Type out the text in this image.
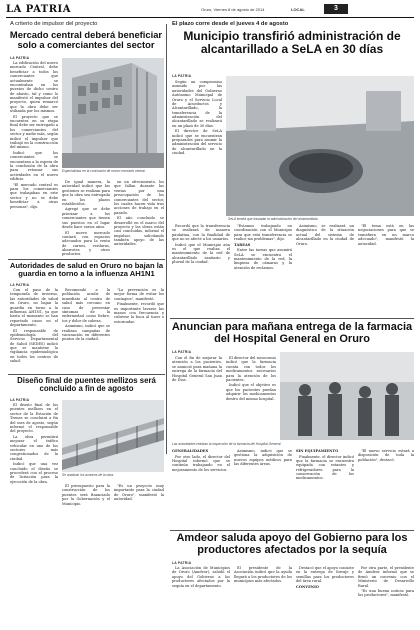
LA PATRIA	Oruro, Viernes 8 de agosto de 2014	LOCAL	3
A criterio de impulsor del proyecto
Mercado central deberá beneficiar solo a comerciantes del sector
LA PATRIA

La edificación del nuevo mercado Central, debe beneficiar a todos los comerciantes que actualmente se encontraban en los puestos de dicho centro de abasto, tal y como lo manifestó el impulsor del proyecto, quien remarcó que la obra debe ser utilizada por los mismos.

El proyecto que se encuentra en su etapa final debe ser entregado a los comerciantes del sector y nadie más, según indicó el impulsor que trabajó en la construcción del mismo.

Indicó que los comerciantes se encuentran a la espera de la conclusión de la obra para retomar sus actividades en el nuevo edificio.

"El mercado central es para los comerciantes que trabajaban en este sector y no se debe beneficiar a otras personas", dijo.

Especialistas en la conclusión de nuevo mercado central.

De igual manera, la autoridad indicó que las gestiones se realizan para que la obra sea entregada en los plazos establecidos.

Agregó que se debe priorizar a los comerciantes que tienen sus puestos en el lugar desde hace varios años.

El nuevo mercado contará con espacios adecuados para la venta de carnes, verduras, abarrotes y otros productos.

en un ofrecimiento, los que fallan durante las ventas por una preocupación de los comerciantes del sector, los cuales hacen vida tras acciones de trabajo en el pasado.

El año concluido se desarrolló en el marco del proyecto y las obras están casi concluidas, informó el impulsor, solicitando también apoyo de las autoridades.

Autoridades de salud en Oruro no bajan la guardia en torno a la influenza AH1N1
LA PATRIA

Con el paso de la temporada de invierno, las autoridades de salud en Oruro, no bajan la guardia en torno a la influenza AH1N1, ya que hasta el momento se han reportado casos en el departamento.

El responsable de epidemiología del Servicio Departamental de Salud (SEDES) indicó que se mantiene la vigilancia epidemiológica en todos los centros de salud.

Recomendó a la población acudir de inmediato al centro de salud más cercano en caso de presentar síntomas de la enfermedad como fiebre, tos y dolor de cabeza.

Asimismo, indicó que se realizan campañas de vacunación en diferentes puntos de la ciudad.

"La prevención es la mejor forma de evitar los contagios", manifestó.

Finalmente, recordó que es importante lavarse las manos con frecuencia y cubrirse la boca al toser o estornudar.

Diseño final de puentes mellizos será concluido a fin de agosto
LA PATRIA

El diseño final de los puentes mellizos en el sector de la Estación de Trenes se concluirá a fin del mes de agosto, según informó el responsable del proyecto.

La obra permitirá mejorar el tráfico vehicular en uno de los sectores más congestionados de la ciudad.

Indicó que una vez concluido el diseño se procederá con el proceso de licitación para la ejecución de la obra.

Se analizan los avances de la obra.

El presupuesto para la construcción de los puentes será financiado por la Gobernación y el Municipio.

"Es un proyecto muy importante para la ciudad de Oruro", manifestó la autoridad.

El plazo corre desde el jueves 4 de agosto
Municipio transfirió administración de alcantarillado a SeLA en 30 días
LA PATRIA

Según un compromiso asumido por las autoridades del Gobierno Autónomo Municipal de Oruro y el Servicio Local de Acueductos y Alcantarillado, la transferencia de la administración del alcantarillado se realizará en un plazo de 30 días.

El director de SeLA indicó que se encuentran preparados para asumir la administración del servicio de alcantarillado en la ciudad.

SeLA tendrá que trasladar la administración del alcantarillado.

Recordó que la transferencia se realizará de manera paulatina, con la finalidad de que no se afecte a los usuarios.

Indicó que el Municipio aún es el que realiza el mantenimiento de la red de alcantarillado sanitario y pluvial de la ciudad.

"Estamos trabajando en coordinación con el Municipio para que esta transferencia se realice sin problemas", dijo.

TAREAS

Entre las tareas que asumirá SeLA se encuentra el mantenimiento de la red, la limpieza de cámaras y la atención de reclamos.

Asimismo, se realizará un diagnóstico de la situación actual del sistema de alcantarillado en la ciudad de Oruro.

"El tema está en las negociaciones para que se transfiera en un marco adecuado", manifestó la autoridad.

Anuncian para mañana entrega de la farmacia del Hospital General en Oruro
LA PATRIA

Con el fin de mejorar la atención a los pacientes, se anunció para mañana la entrega de la farmacia del Hospital General San Juan de Dios.

El director del nosocomio indicó que la farmacia cuenta con todos los medicamentos necesarios para la atención de los pacientes.

Indicó que el objetivo es que los pacientes puedan adquirir los medicamentos dentro del mismo hospital.

Las autoridades realizan la inspección de la farmacia del Hospital General.

GENERALIDADES

Por otro lado, el director del Hospital informó que se continúa trabajando en el mejoramiento de los servicios.

Asimismo, indicó que se gestiona la adquisición de nuevos equipos médicos para las diferentes áreas.

SIN EQUIPAMIENTO

Finalmente, el director indicó que la farmacia se encuentra equipada con estantes y refrigeradores para la conservación de los medicamentos.

"El nuevo servicio estará a disposición de toda la población", destacó.

Amdeor saluda apoyo del Gobierno para los productores afectados por la sequía
LA PATRIA

La Asociación de Municipios de Oruro (Amdeor), saludó el apoyo del Gobierno a los productores afectados por la sequía en el departamento.

El presidente de la Asociación indicó que la ayuda llegará a los productores de los municipios más afectados.

Destacó que el apoyo consiste en la entrega de forraje y semillas para los productores del área rural.

CONVENIO

Por otra parte, el presidente de Amdeor informó que se firmó un convenio con el Ministerio de Desarrollo Rural.

"Es una buena noticia para los productores", manifestó.
